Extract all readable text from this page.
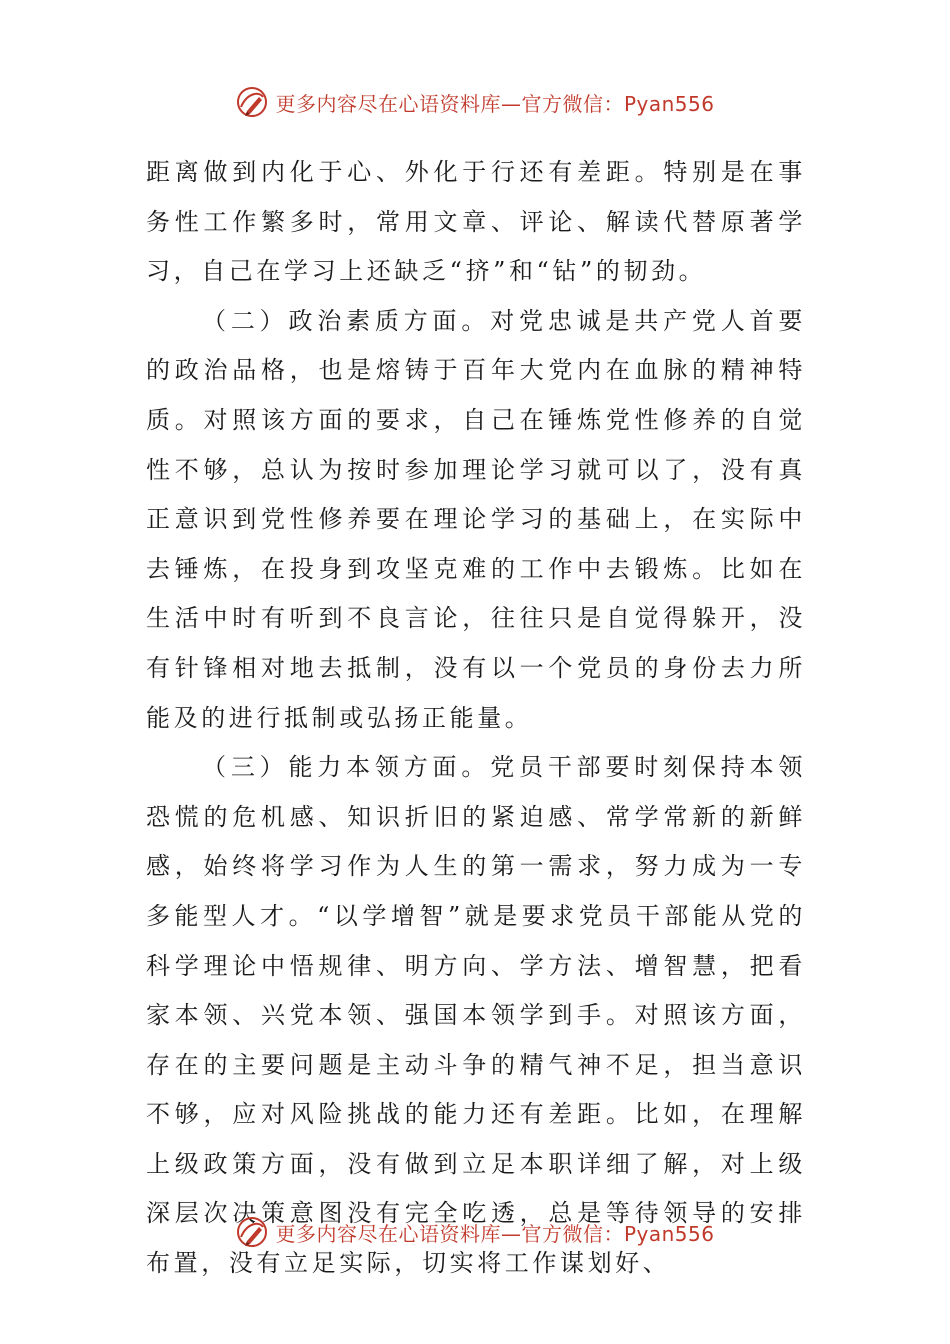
更多内容尽在心语资料库—官方微信：Pyan556

距离做到内化于心、外化于行还有差距。特别是在事务性工作繁多时，常用文章、评论、解读代替原著学习，自己在学习上还缺乏“挤”和“钻”的韧劲。

（二）政治素质方面。对党忠诚是共产党人首要的政治品格，也是熔铸于百年大党内在血脉的精神特质。对照该方面的要求，自己在锤炼党性修养的自觉性不够，总认为按时参加理论学习就可以了，没有真正意识到党性修养要在理论学习的基础上，在实际中去锤炼，在投身到攻坚克难的工作中去锻炼。比如在生活中时有听到不良言论，往往只是自觉得躲开，没有针锋相对地去抵制，没有以一个党员的身份去力所能及的进行抵制或弘扬正能量。

（三）能力本领方面。党员干部要时刻保持本领恐慌的危机感、知识折旧的紧迫感、常学常新的新鲜感，始终将学习作为人生的第一需求，努力成为一专多能型人才。“以学增智”就是要求党员干部能从党的科学理论中悟规律、明方向、学方法、增智慧，把看家本领、兴党本领、强国本领学到手。对照该方面，存在的主要问题是主动斗争的精气神不足，担当意识不够，应对风险挑战的能力还有差距。比如，在理解上级政策方面，没有做到立足本职详细了解，对上级深层次决策意图没有完全吃透，总是等待领导的安排布置，没有立足实际，切实将工作谋划好、

更多内容尽在心语资料库—官方微信：Pyan556
